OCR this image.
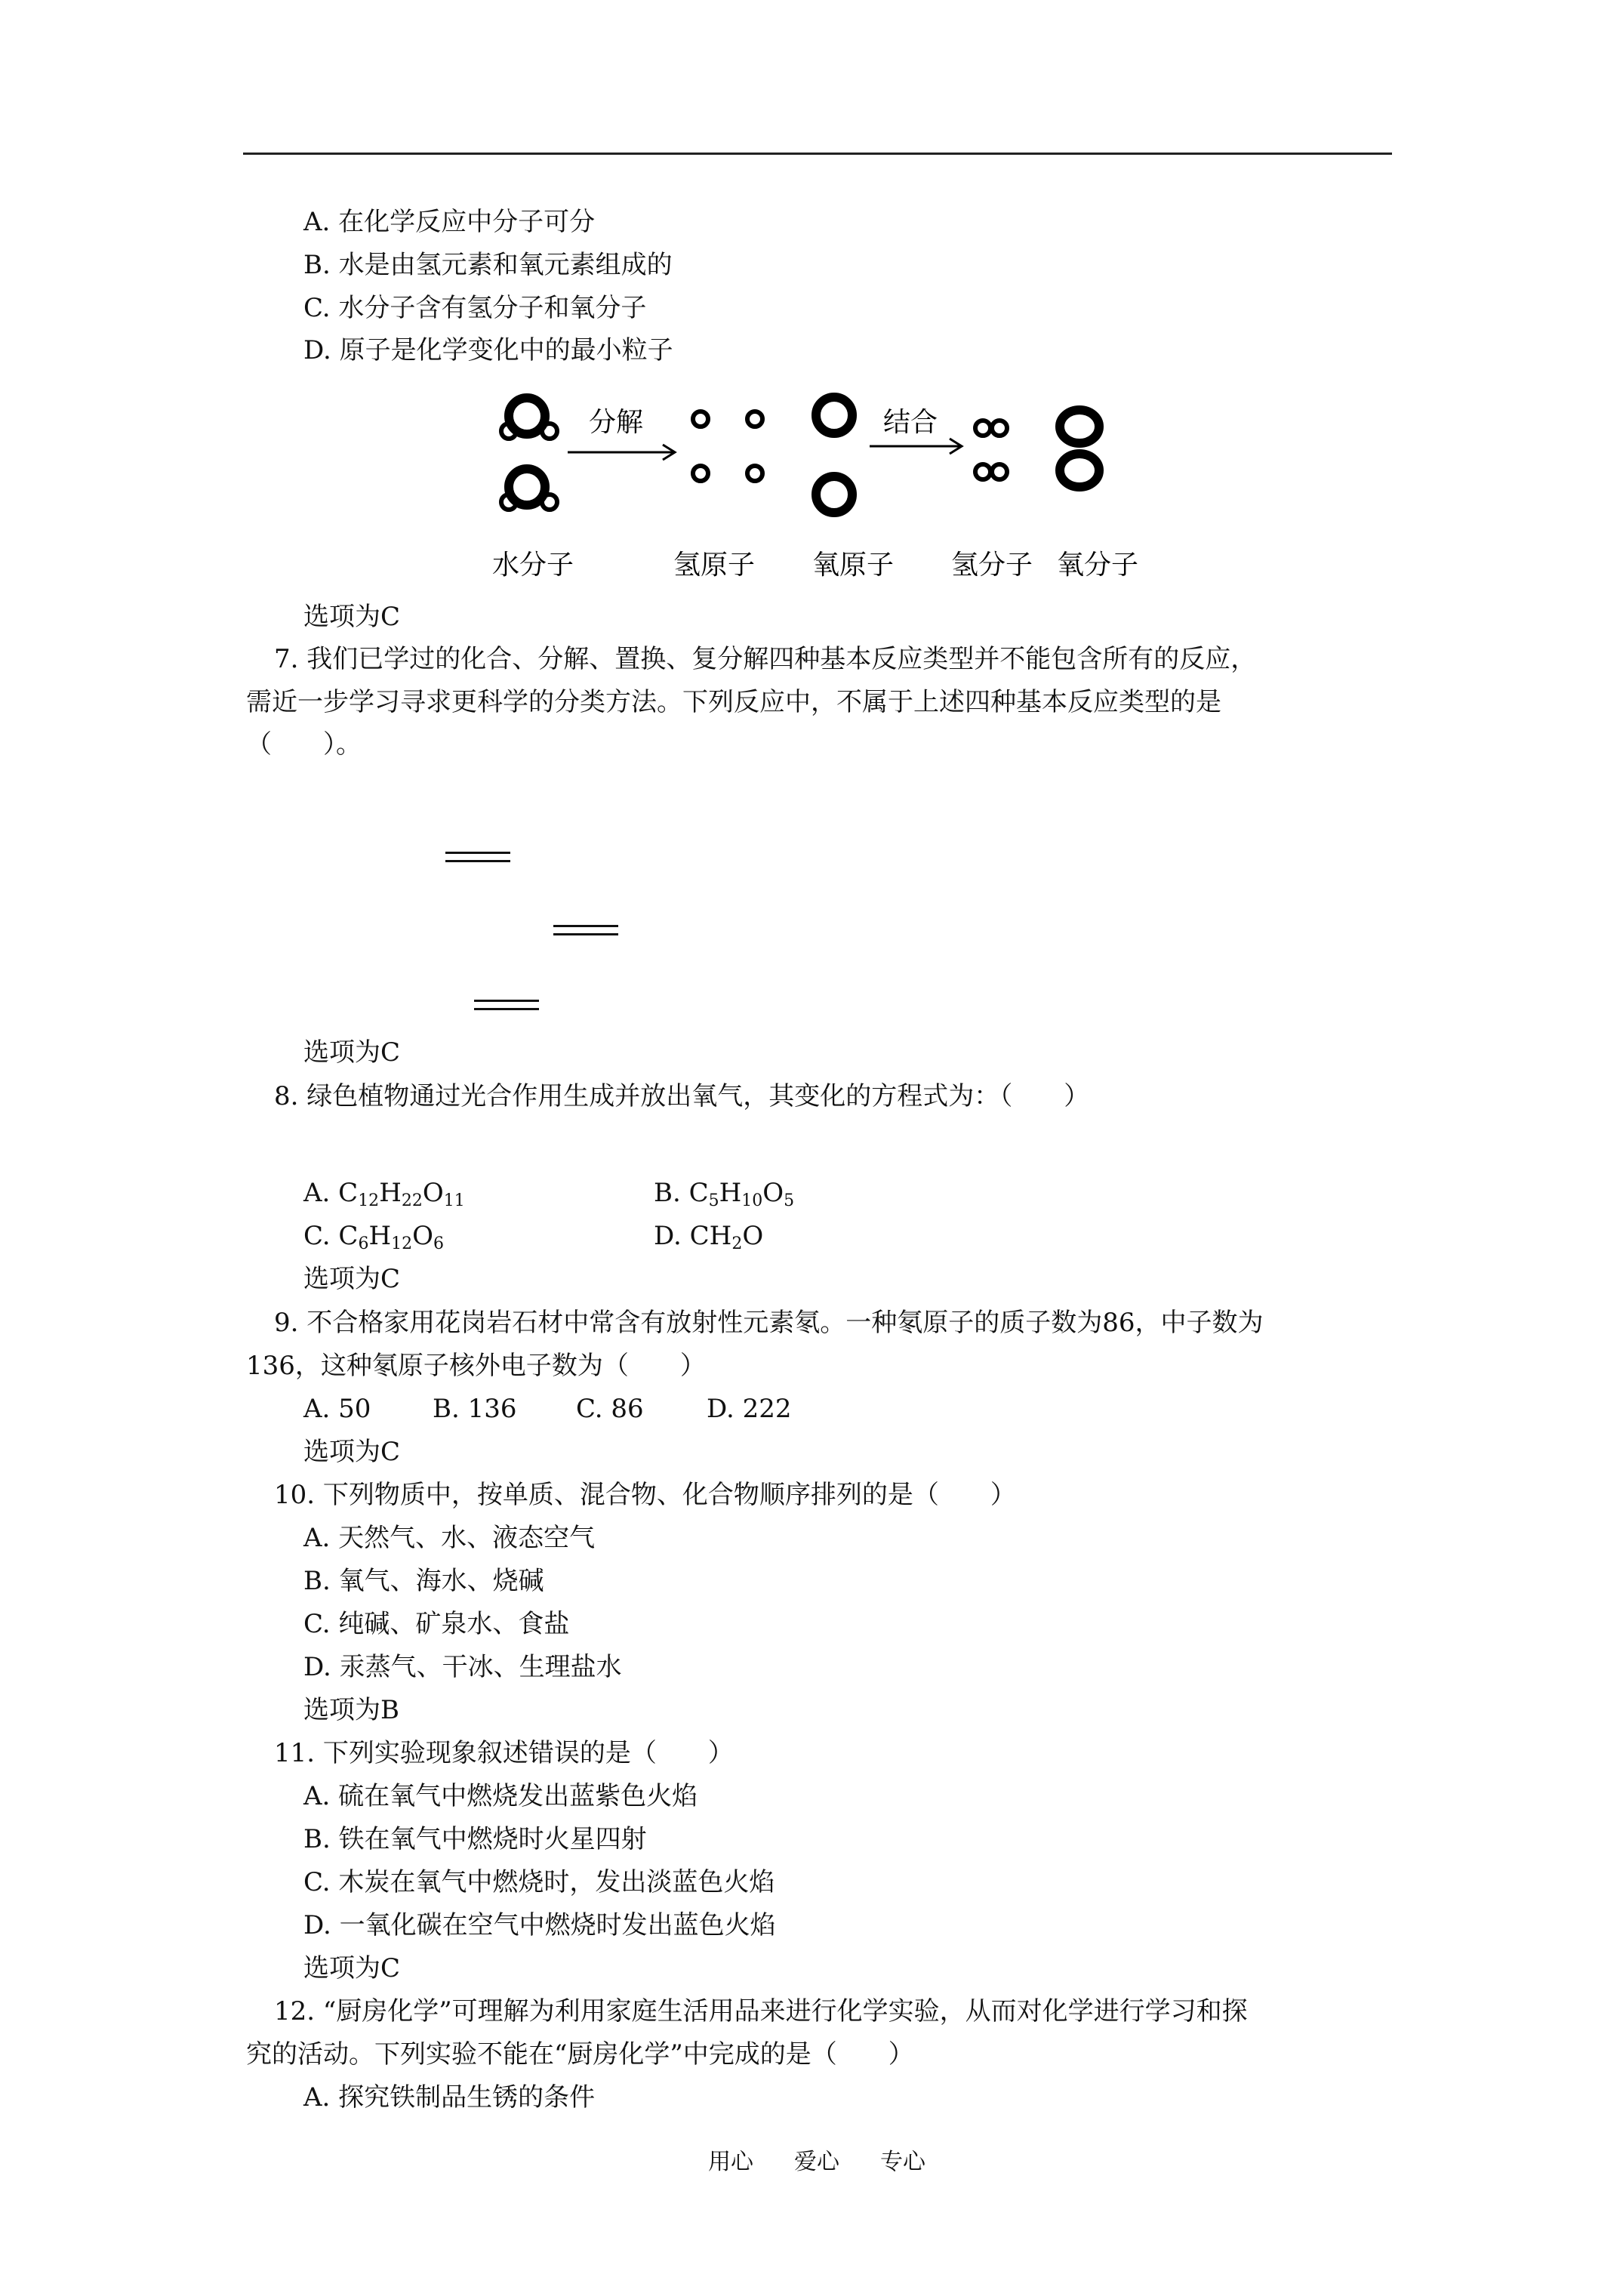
A. 在化学反应中分子可分
B. 水是由氢元素和氧元素组成的
C. 水分子含有氢分子和氧分子
D. 原子是化学变化中的最小粒子
分解	结合
水分子	氢原子 氧原子 氢分子 氧分子
选项为C
7. 我们已学过的化合、分解、置换、复分解四种基本反应类型并不能包含所有的反应，
需近一步学习寻求更科学的分类方法。下列反应中，不属于上述四种基本反应类型的是
（　　）。
选项为C
8. 绿色植物通过光合作用生成并放出氧气，其变化的方程式为：（　　）
A. $C_{12}H_{22}O_{11}$	B. $C_5H_{10}O_5$
C. $C_6H_{12}O_6$	D. $CH_2O$
选项为C
9. 不合格家用花岗岩石材中常含有放射性元素氡。一种氡原子的质子数为86，中子数为
136，这种氡原子核外电子数为（　　）
A. 50 B. 136 C. 86 D. 222
选项为C
10. 下列物质中，按单质、混合物、化合物顺序排列的是（　　）
A. 天然气、水、液态空气
B. 氧气、海水、烧碱
C. 纯碱、矿泉水、食盐
D. 汞蒸气、干冰、生理盐水
选项为B
11. 下列实验现象叙述错误的是（　　）
A. 硫在氧气中燃烧发出蓝紫色火焰
B. 铁在氧气中燃烧时火星四射
C. 木炭在氧气中燃烧时，发出淡蓝色火焰
D. 一氧化碳在空气中燃烧时发出蓝色火焰
选项为C
12. “厨房化学”可理解为利用家庭生活用品来进行化学实验，从而对化学进行学习和探
究的活动。下列实验不能在“厨房化学”中完成的是（　　）
A. 探究铁制品生锈的条件
用心 爱心 专心
